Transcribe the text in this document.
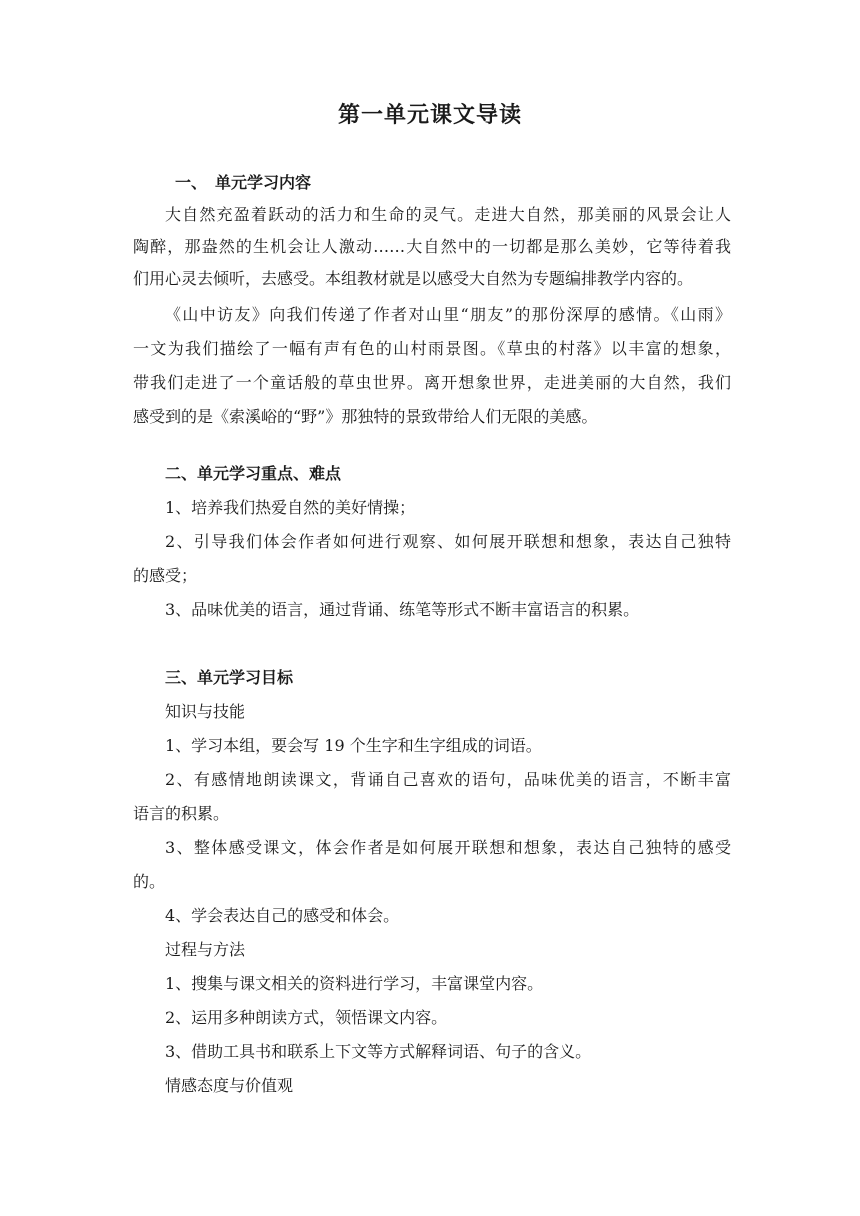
第一单元课文导读
一、　单元学习内容
大自然充盈着跃动的活力和生命的灵气。走进大自然，那美丽的风景会让人
陶醉，那盎然的生机会让人激动……大自然中的一切都是那么美妙，它等待着我
们用心灵去倾听，去感受。本组教材就是以感受大自然为专题编排教学内容的。
《山中访友》向我们传递了作者对山里“朋友”的那份深厚的感情。《山雨》
一文为我们描绘了一幅有声有色的山村雨景图。《草虫的村落》以丰富的想象，
带我们走进了一个童话般的草虫世界。离开想象世界，走进美丽的大自然，我们
感受到的是《索溪峪的“野”》那独特的景致带给人们无限的美感。
二、单元学习重点、难点
1、培养我们热爱自然的美好情操；
2、引导我们体会作者如何进行观察、如何展开联想和想象，表达自己独特
的感受；
3、品味优美的语言，通过背诵、练笔等形式不断丰富语言的积累。
三、单元学习目标
知识与技能
1、学习本组，要会写 19 个生字和生字组成的词语。
2、有感情地朗读课文，背诵自己喜欢的语句，品味优美的语言，不断丰富
语言的积累。
3、整体感受课文，体会作者是如何展开联想和想象，表达自己独特的感受
的。
4、学会表达自己的感受和体会。
过程与方法
1、搜集与课文相关的资料进行学习，丰富课堂内容。
2、运用多种朗读方式，领悟课文内容。
3、借助工具书和联系上下文等方式解释词语、句子的含义。
情感态度与价值观
